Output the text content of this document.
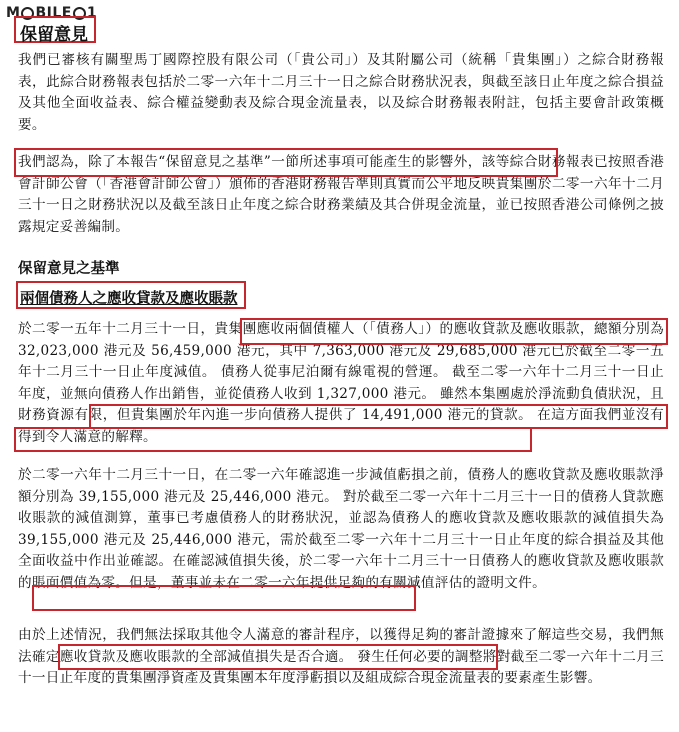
M BILE 1
保留意見

我們已審核有關聖馬丁國際控股有限公司（「貴公司」）及其附屬公司（統稱「貴集團」）之綜合財務報表，此綜合財務報表包括於二零一六年十二月三十一日之綜合財務狀況表，與截至該日止年度之綜合損益及其他全面收益表、綜合權益變動表及綜合現金流量表，以及綜合財務報表附註，包括主要會計政策概要。

我們認為，除了本報告“保留意見之基準”一節所述事項可能產生的影響外，該等綜合財務報表已按照香港會計師公會（「香港會計師公會」）頒佈的香港財務報告準則真實而公平地反映貴集團於二零一六年十二月三十一日之財務狀況以及截至該日止年度之綜合財務業績及其合併現金流量，並已按照香港公司條例之披露規定妥善編制。

保留意見之基準
兩個債務人之應收貸款及應收賬款

於二零一五年十二月三十一日，貴集團應收兩個債權人（「債務人」）的應收貸款及應收賬款，總額分別為 32,023,000 港元及 56,459,000 港元，其中 7,363,000 港元及 29,685,000 港元已於截至二零一五年十二月三十一日止年度減值。 債務人從事尼泊爾有線電視的營運。 截至二零一六年十二月三十一日止年度，並無向債務人作出銷售，並從債務人收到 1,327,000 港元。 雖然本集團處於淨流動負債狀況，且財務資源有限，但貴集團於年內進一步向債務人提供了 14,491,000 港元的貸款。 在這方面我們並沒有得到令人滿意的解釋。

於二零一六年十二月三十一日，在二零一六年確認進一步減值虧損之前，債務人的應收貸款及應收賬款淨額分別為 39,155,000 港元及 25,446,000 港元。 對於截至二零一六年十二月三十一日的債務人貸款應收賬款的減值測算，董事已考慮債務人的財務狀況，並認為債務人的應收貸款及應收賬款的減值損失為 39,155,000 港元及 25,446,000 港元，需於截至二零一六年十二月三十一日止年度的綜合損益及其他全面收益中作出並確認。在確認減值損失後，於二零一六年十二月三十一日債務人的應收貸款及應收賬款的賬面價值為零。但是，董事並未在二零一六年提供足夠的有關減值評估的證明文件。

由於上述情況，我們無法採取其他令人滿意的審計程序，以獲得足夠的審計證據來了解這些交易，我們無法確定應收貸款及應收賬款的全部減值損失是否合適。 發生任何必要的調整將對截至二零一六年十二月三十一日止年度的貴集團淨資產及貴集團本年度淨虧損以及組成綜合現金流量表的要素產生影響。
